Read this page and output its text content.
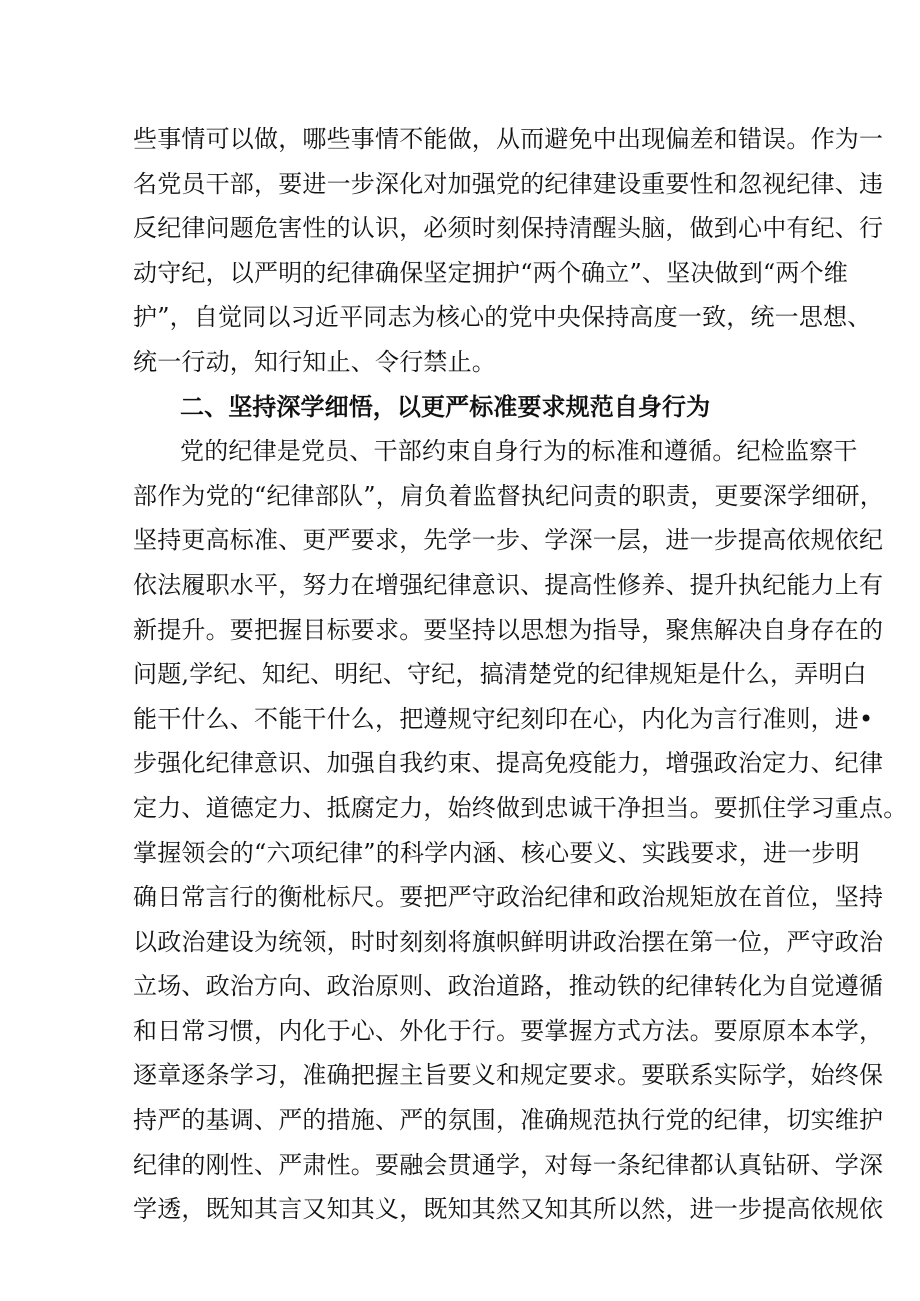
些事情可以做，哪些事情不能做，从而避免中出现偏差和错误。作为一
名党员干部，要进一步深化对加强党的纪律建设重要性和忽视纪律、违
反纪律问题危害性的认识，必须时刻保持清醒头脑，做到心中有纪、行
动守纪，以严明的纪律确保坚定拥护“两个确立”、坚决做到“两个维
护”，自觉同以习近平同志为核心的党中央保持高度一致，统一思想、
统一行动，知行知止、令行禁止。
二、坚持深学细悟，以更严标准要求规范自身行为
党的纪律是党员、干部约束自身行为的标准和遵循。纪检监察干
部作为党的“纪律部队”，肩负着监督执纪问责的职责，更要深学细研，
坚持更高标准、更严要求，先学一步、学深一层，进一步提高依规依纪
依法履职水平，努力在增强纪律意识、提高性修养、提升执纪能力上有
新提升。要把握目标要求。要坚持以思想为指导，聚焦解决自身存在的
问题,学纪、知纪、明纪、守纪，搞清楚党的纪律规矩是什么，弄明白
能干什么、不能干什么，把遵规守纪刻印在心，内化为言行准则，进•
步强化纪律意识、加强自我约束、提高免疫能力，增强政治定力、纪律
定力、道德定力、抵腐定力，始终做到忠诚干净担当。要抓住学习重点。
掌握领会的“六项纪律”的科学内涵、核心要义、实践要求，进一步明
确日常言行的衡枇标尺。要把严守政治纪律和政治规矩放在首位，坚持
以政治建设为统领，时时刻刻将旗帜鲜明讲政治摆在第一位，严守政治
立场、政治方向、政治原则、政治道路，推动铁的纪律转化为自觉遵循
和日常习惯，内化于心、外化于行。要掌握方式方法。要原原本本学，
逐章逐条学习，准确把握主旨要义和规定要求。要联系实际学，始终保
持严的基调、严的措施、严的氛围，准确规范执行党的纪律，切实维护
纪律的刚性、严肃性。要融会贯通学，对每一条纪律都认真钻研、学深
学透，既知其言又知其义，既知其然又知其所以然，进一步提高依规依
